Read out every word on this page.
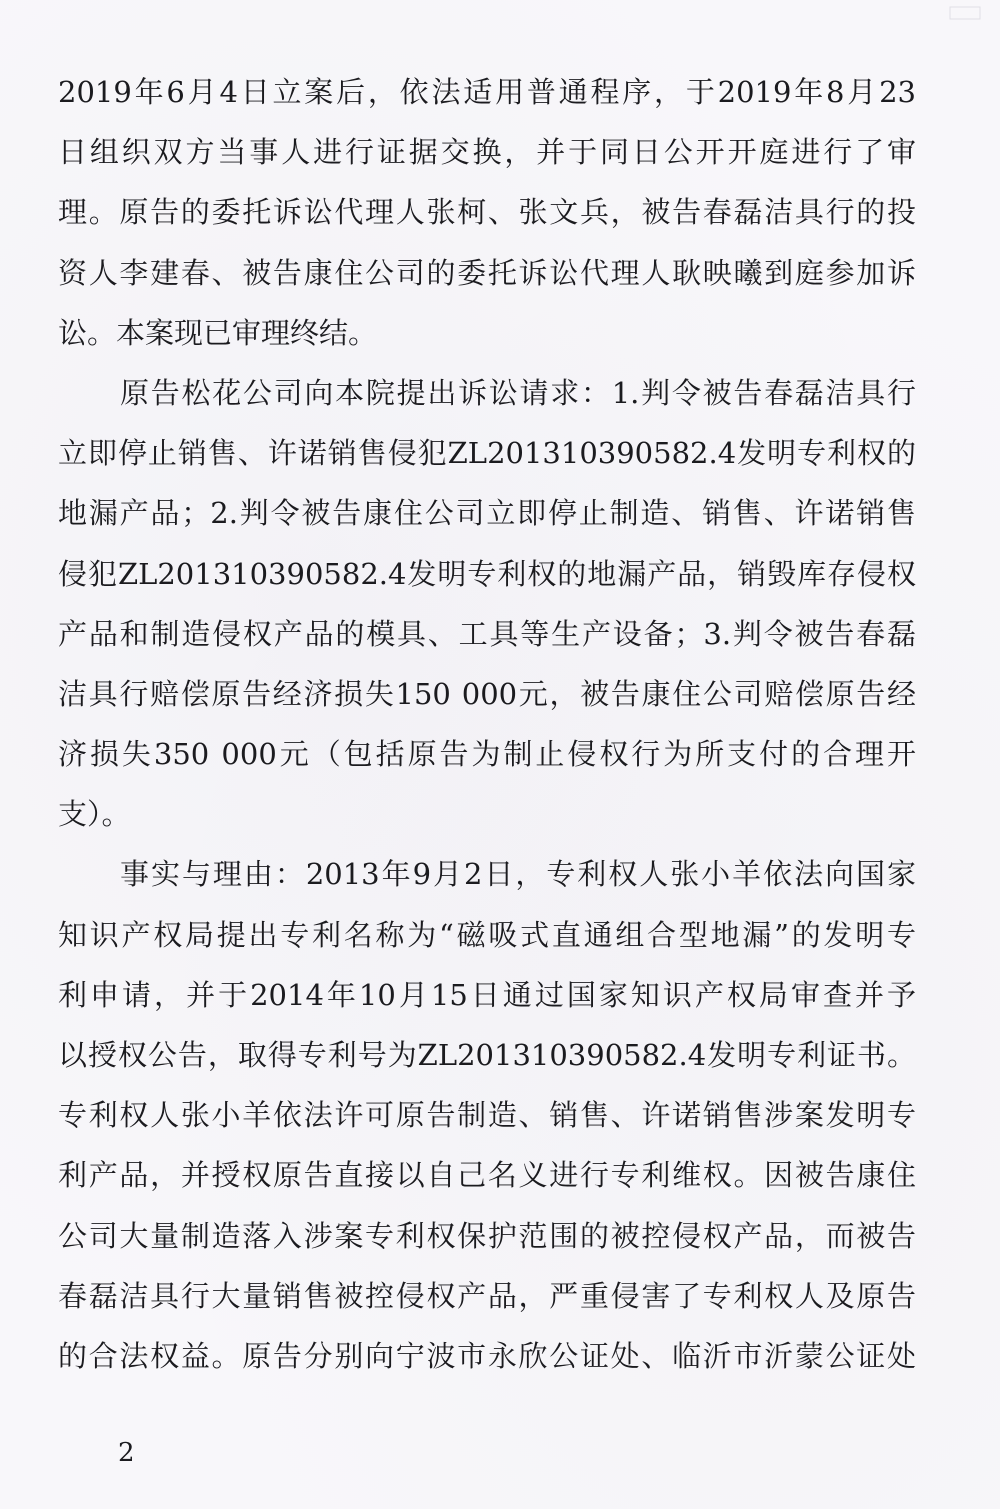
2019年6月4日立案后，依法适用普通程序，于2019年8月23
日组织双方当事人进行证据交换，并于同日公开开庭进行了审
理。原告的委托诉讼代理人张柯、张文兵，被告春磊洁具行的投
资人李建春、被告康住公司的委托诉讼代理人耿映曦到庭参加诉
讼。本案现已审理终结。
原告松花公司向本院提出诉讼请求：1.判令被告春磊洁具行
立即停止销售、许诺销售侵犯ZL201310390582.4发明专利权的
地漏产品；2.判令被告康住公司立即停止制造、销售、许诺销售
侵犯ZL201310390582.4发明专利权的地漏产品，销毁库存侵权
产品和制造侵权产品的模具、工具等生产设备；3.判令被告春磊
洁具行赔偿原告经济损失150 000元，被告康住公司赔偿原告经
济损失350 000元（包括原告为制止侵权行为所支付的合理开
支）。
事实与理由：2013年9月2日，专利权人张小羊依法向国家
知识产权局提出专利名称为“磁吸式直通组合型地漏”的发明专
利申请，并于2014年10月15日通过国家知识产权局审查并予
以授权公告，取得专利号为ZL201310390582.4发明专利证书。
专利权人张小羊依法许可原告制造、销售、许诺销售涉案发明专
利产品，并授权原告直接以自己名义进行专利维权。因被告康住
公司大量制造落入涉案专利权保护范围的被控侵权产品，而被告
春磊洁具行大量销售被控侵权产品，严重侵害了专利权人及原告
的合法权益。原告分别向宁波市永欣公证处、临沂市沂蒙公证处
2
